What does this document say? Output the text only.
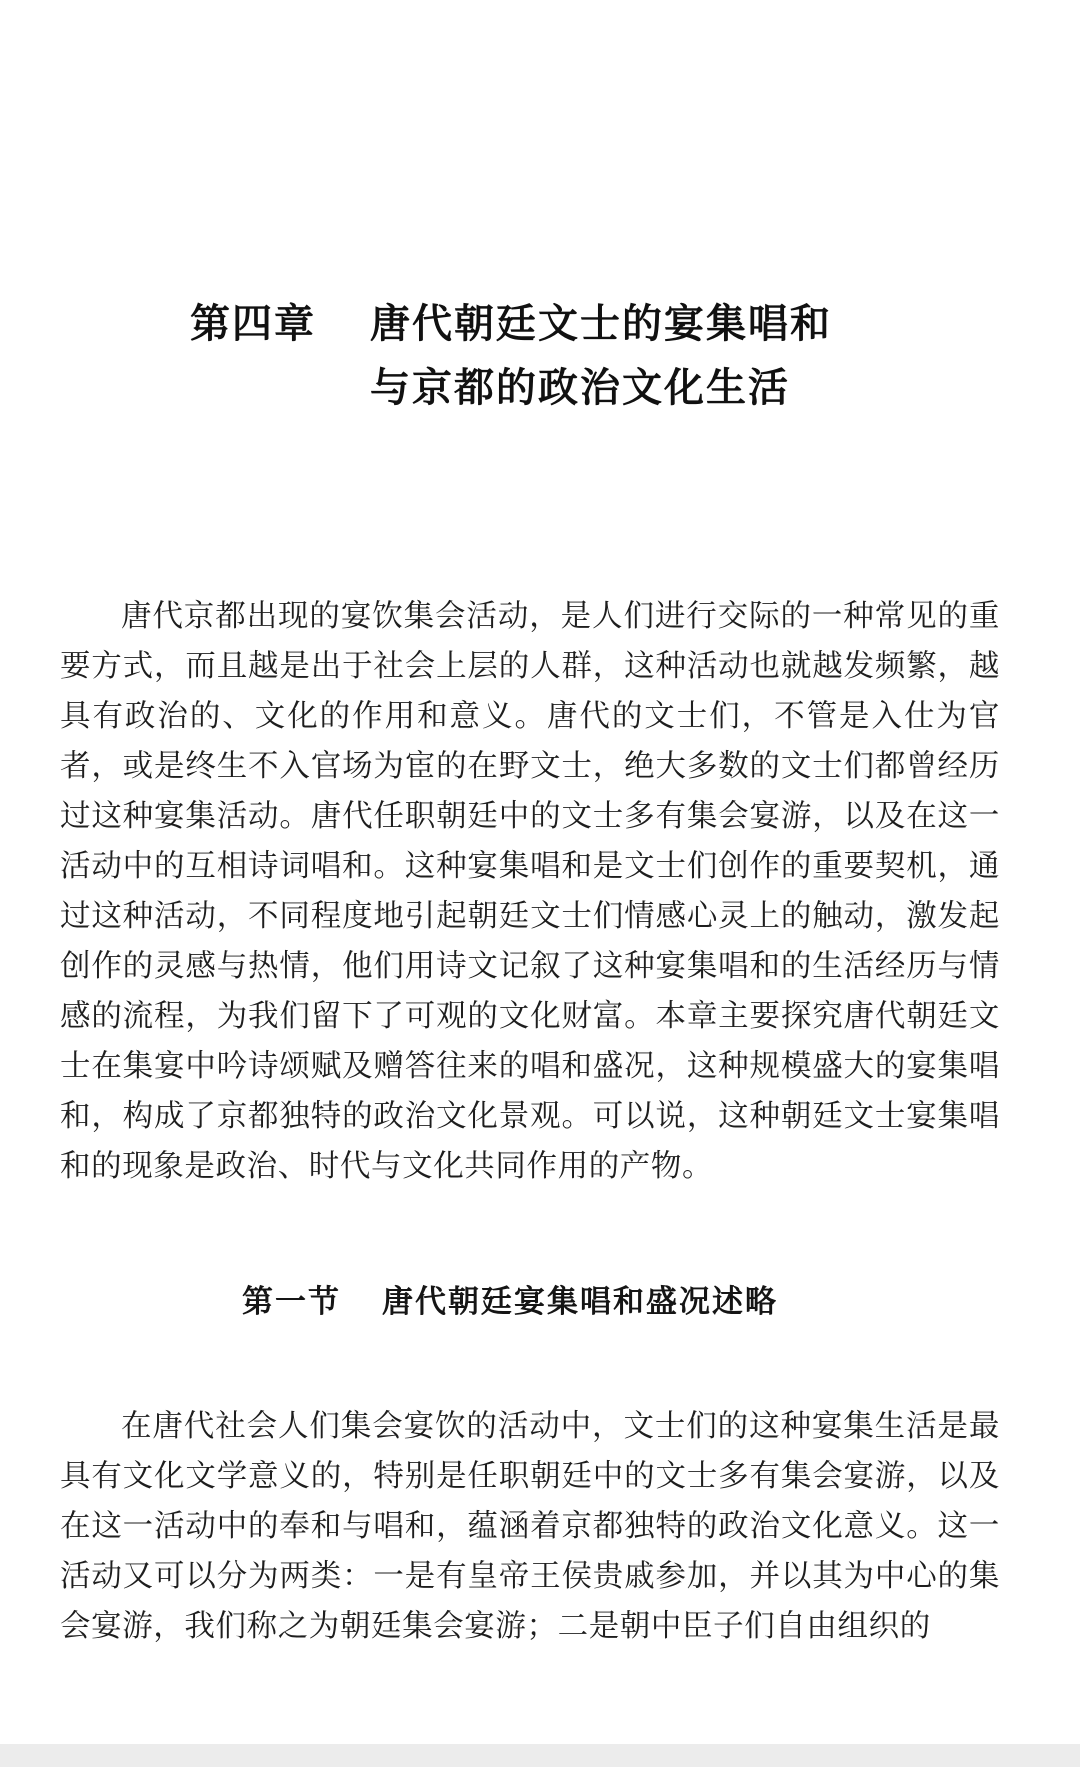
第四章 唐代朝廷文士的宴集唱和
与京都的政治文化生活

唐代京都出现的宴饮集会活动，是人们进行交际的一种常见的重要方式，而且越是出于社会上层的人群，这种活动也就越发频繁，越具有政治的、文化的作用和意义。唐代的文士们，不管是入仕为官者，或是终生不入官场为宦的在野文士，绝大多数的文士们都曾经历过这种宴集活动。唐代任职朝廷中的文士多有集会宴游，以及在这一活动中的互相诗词唱和。这种宴集唱和是文士们创作的重要契机，通过这种活动，不同程度地引起朝廷文士们情感心灵上的触动，激发起创作的灵感与热情，他们用诗文记叙了这种宴集唱和的生活经历与情感的流程，为我们留下了可观的文化财富。本章主要探究唐代朝廷文士在集宴中吟诗颂赋及赠答往来的唱和盛况，这种规模盛大的宴集唱和，构成了京都独特的政治文化景观。可以说，这种朝廷文士宴集唱和的现象是政治、时代与文化共同作用的产物。

第一节 唐代朝廷宴集唱和盛况述略

在唐代社会人们集会宴饮的活动中，文士们的这种宴集生活是最具有文化文学意义的，特别是任职朝廷中的文士多有集会宴游，以及在这一活动中的奉和与唱和，蕴涵着京都独特的政治文化意义。这一活动又可以分为两类：一是有皇帝王侯贵戚参加，并以其为中心的集会宴游，我们称之为朝廷集会宴游；二是朝中臣子们自由组织的
